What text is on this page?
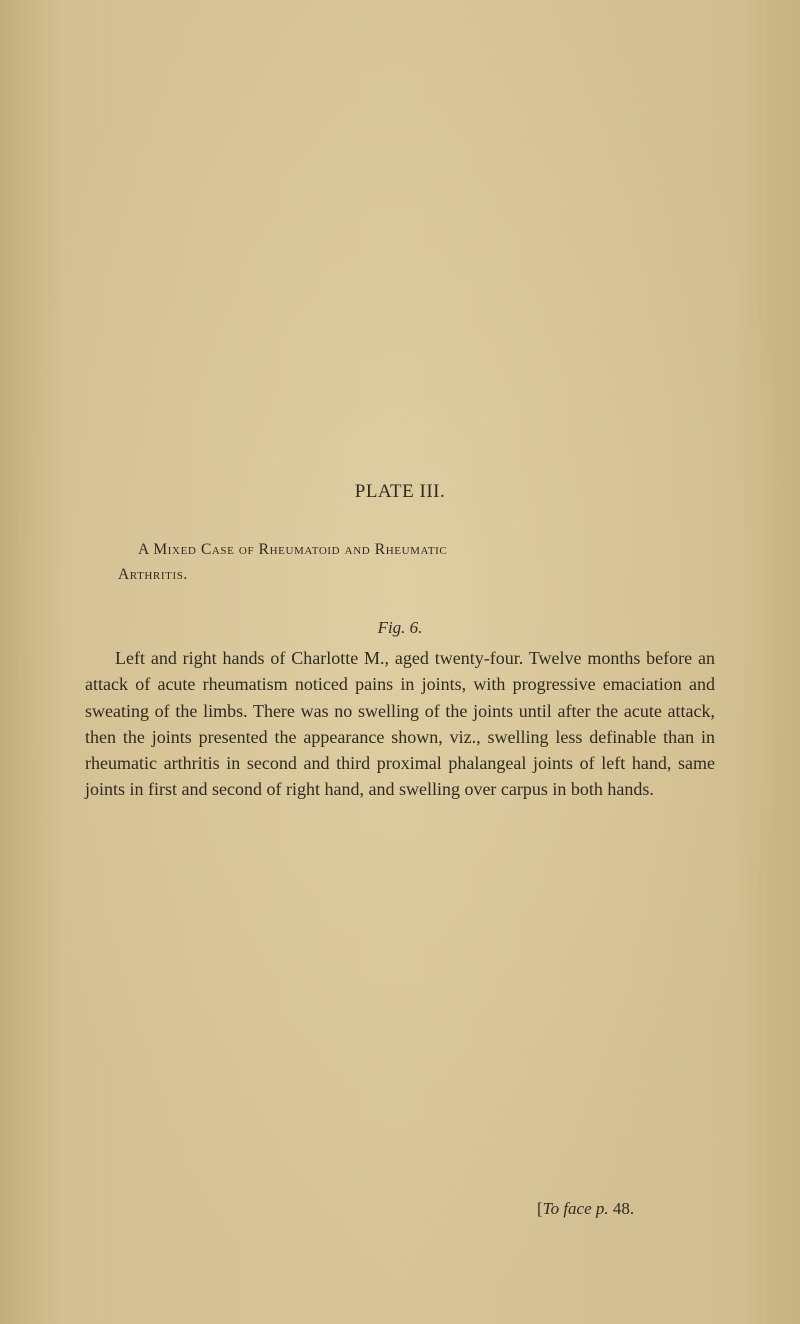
PLATE III.
A Mixed Case of Rheumatoid and Rheumatic
Arthritis.
Fig. 6.

Left and right hands of Charlotte M., aged twenty-four. Twelve months before an attack of acute rheumatism noticed pains in joints, with progressive emaciation and sweating of the limbs. There was no swelling of the joints until after the acute attack, then the joints presented the appearance shown, viz., swelling less definable than in rheumatic arthritis in second and third proximal phalangeal joints of left hand, same joints in first and second of right hand, and swelling over carpus in both hands.

[To face p. 48.
